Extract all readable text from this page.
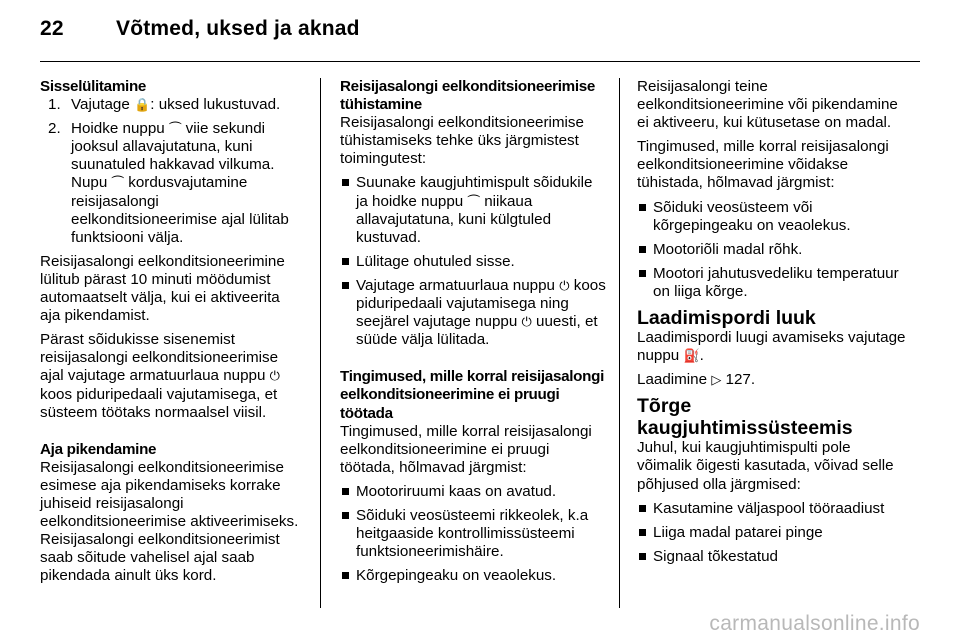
22 Võtmed, uksed ja aknad
Sisselülitamine
1. Vajutage 🔒: uksed lukustuvad.
2. Hoidke nuppu ⏜ viie sekundi jooksul allavajutatuna, kuni suunatuled hakkavad vilkuma. Nupu ⏜ kordusvajutamine reisijasalongi eelkonditsioneerimise ajal lülitab funktsiooni välja.
Reisijasalongi eelkonditsioneerimine lülitub pärast 10 minuti möödumist automaatselt välja, kui ei aktiveerita aja pikendamist.
Pärast sõidukisse sisenemist reisijasalongi eelkonditsioneerimise ajal vajutage armatuurlaua nuppu ⏻ koos piduripedaali vajutamisega, et süsteem töötaks normaalsel viisil.
Aja pikendamine
Reisijasalongi eelkonditsioneerimise esimese aja pikendamiseks korrake juhiseid reisijasalongi eelkonditsioneerimise aktiveerimiseks. Reisijasalongi eelkonditsioneerimist saab sõitude vahelisel ajal saab pikendada ainult üks kord.
Reisijasalongi eelkonditsioneerimise tühistamine
Reisijasalongi eelkonditsioneerimise tühistamiseks tehke üks järgmistest toimingutest:
Suunake kaugjuhtimispult sõidukile ja hoidke nuppu ⏜ niikaua allavajutatuna, kuni külgtuled kustuvad.
Lülitage ohutuled sisse.
Vajutage armatuurlaua nuppu ⏻ koos piduripedaali vajutamisega ning seejärel vajutage nuppu ⏻ uuesti, et süüde välja lülitada.
Tingimused, mille korral reisijasalongi eelkonditsioneerimine ei pruugi töötada
Tingimused, mille korral reisijasalongi eelkonditsioneerimine ei pruugi töötada, hõlmavad järgmist:
Mootoriruumi kaas on avatud.
Sõiduki veosüsteemi rikkeolek, k.a heitgaaside kontrollimissüsteemi funktsioneerimishäire.
Kõrgepingeaku on veaolekus.
Reisijasalongi teine eelkonditsioneerimine või pikendamine ei aktiveeru, kui kütusetase on madal.
Tingimused, mille korral reisijasalongi eelkonditsioneerimine võidakse tühistada, hõlmavad järgmist:
Sõiduki veosüsteem või kõrgepingeaku on veaolekus.
Mootoriõli madal rõhk.
Mootori jahutusvedeliku temperatuur on liiga kõrge.
Laadimispordi luuk
Laadimispordi luugi avamiseks vajutage nuppu ⛽.
Laadimine ▷ 127.
Tõrge kaugjuhtimissüsteemis
Juhul, kui kaugjuhtimispulti pole võimalik õigesti kasutada, võivad selle põhjused olla järgmised:
Kasutamine väljaspool tööraadiust
Liiga madal patarei pinge
Signaal tõkestatud
carmanualsonline.info
